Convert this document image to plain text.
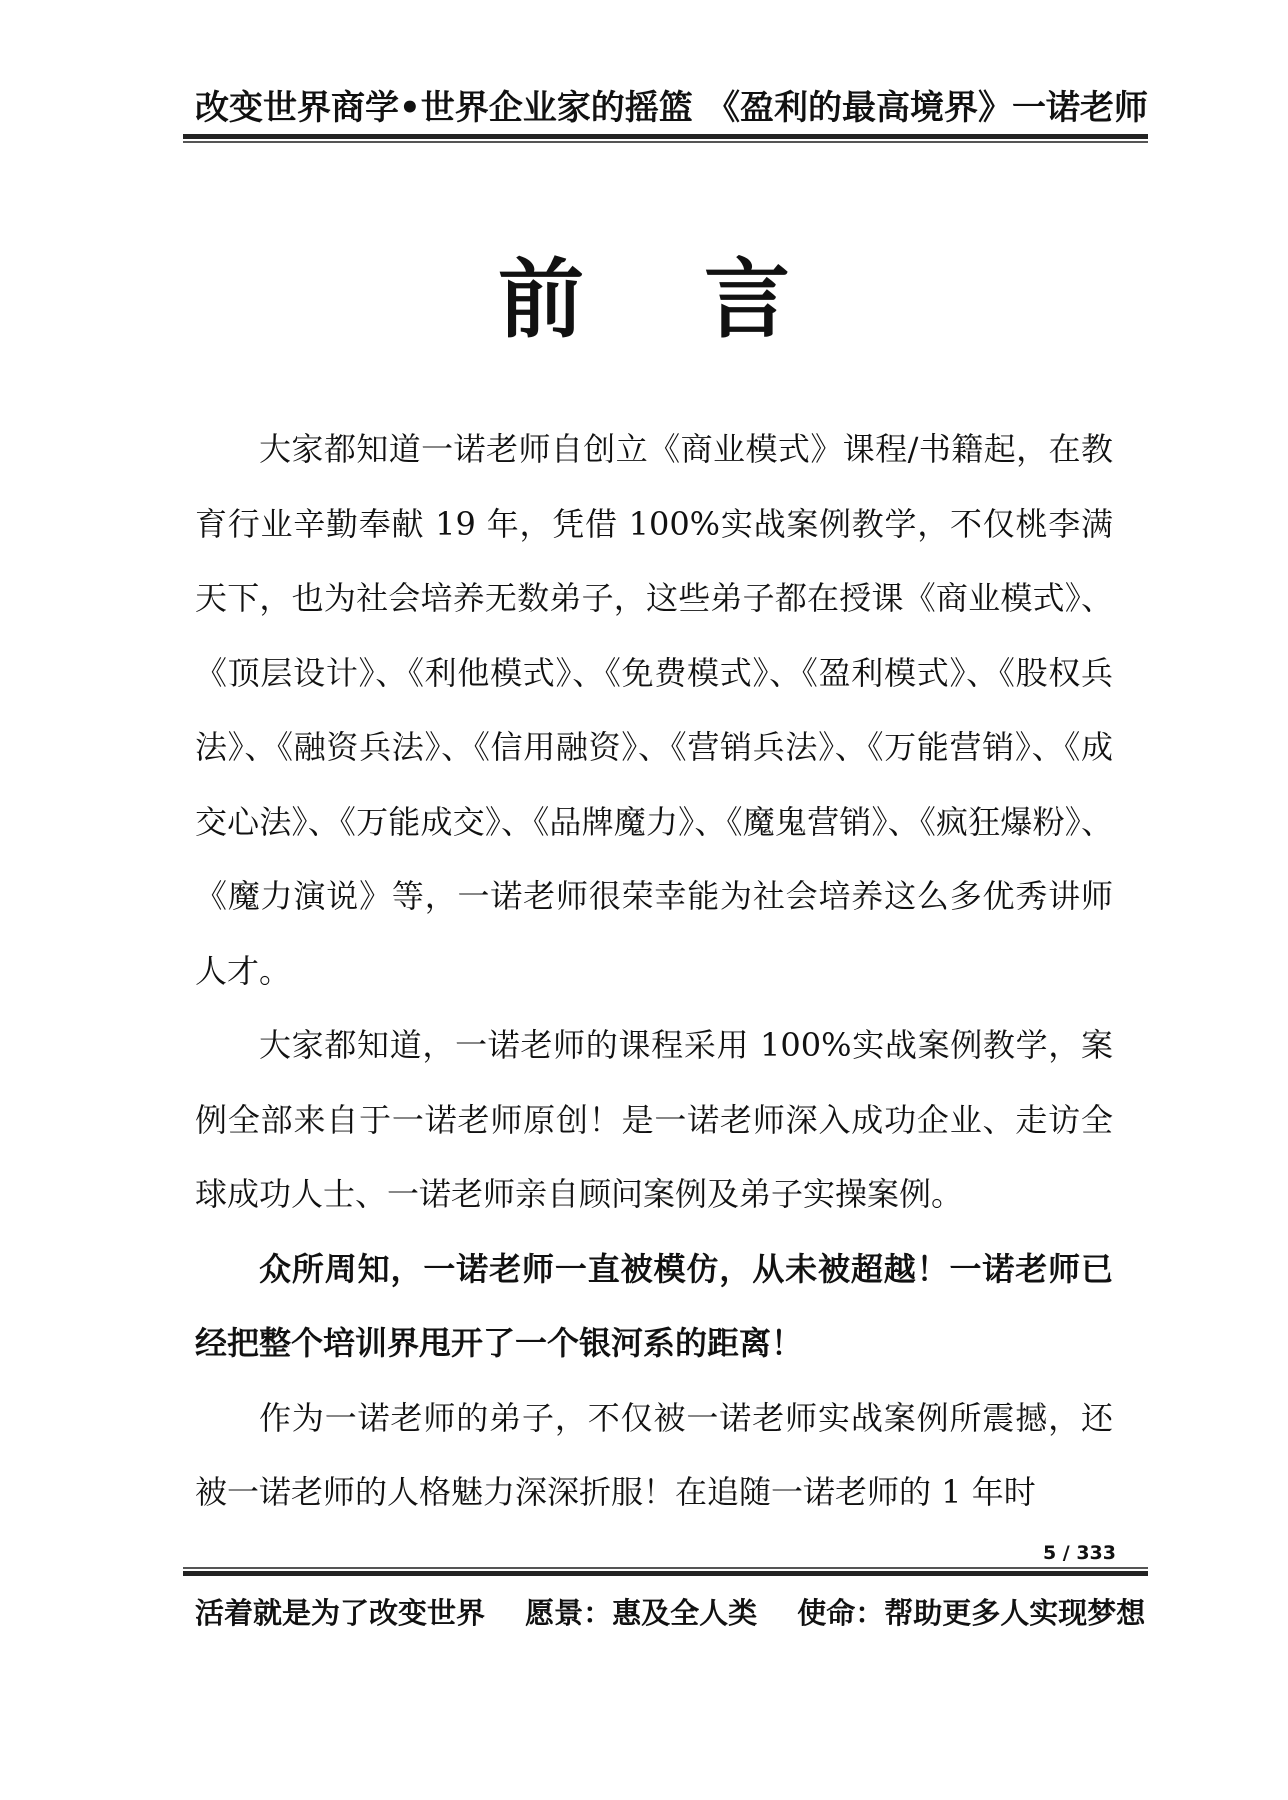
改变世界商学•世界企业家的摇篮 《盈利的最高境界》一诺老师
前言

大家都知道一诺老师自创立《商业模式》课程/书籍起，在教育行业辛勤奉献 19 年，凭借 100%实战案例教学，不仅桃李满天下，也为社会培养无数弟子，这些弟子都在授课《商业模式》、《顶层设计》、《利他模式》、《免费模式》、《盈利模式》、《股权兵法》、《融资兵法》、《信用融资》、《营销兵法》、《万能营销》、《成交心法》、《万能成交》、《品牌魔力》、《魔鬼营销》、《疯狂爆粉》、《魔力演说》等，一诺老师很荣幸能为社会培养这么多优秀讲师人才。

大家都知道，一诺老师的课程采用 100%实战案例教学，案例全部来自于一诺老师原创！是一诺老师深入成功企业、走访全球成功人士、一诺老师亲自顾问案例及弟子实操案例。

众所周知，一诺老师一直被模仿，从未被超越！一诺老师已经把整个培训界甩开了一个银河系的距离！

作为一诺老师的弟子，不仅被一诺老师实战案例所震撼，还被一诺老师的人格魅力深深折服！在追随一诺老师的 1 年时

5 / 333
活着就是为了改变世界 愿景：惠及全人类 使命：帮助更多人实现梦想
